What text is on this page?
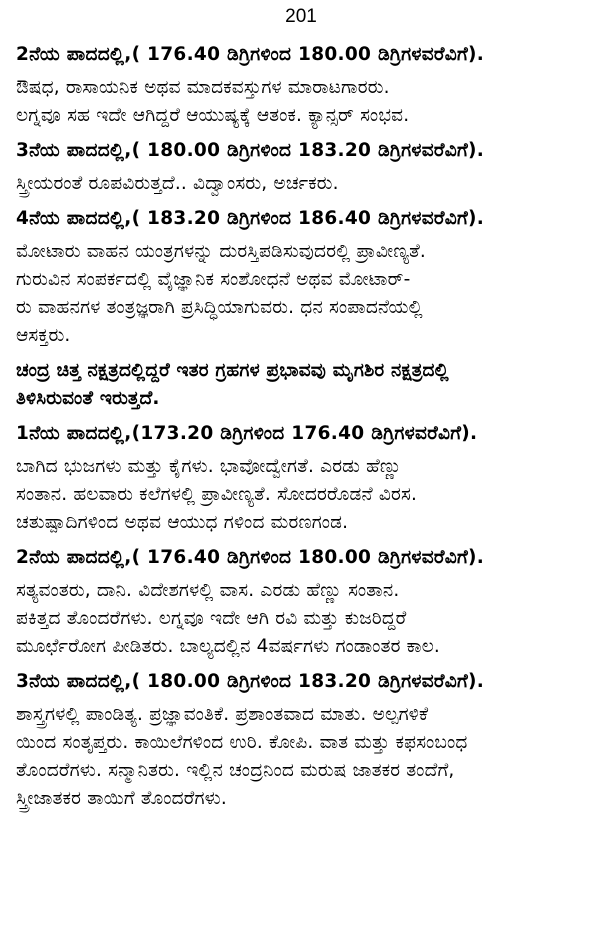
201
2ನೆಯ ಪಾದದಲ್ಲಿ,( 176.40 ಡಿಗ್ರಿಗಳಿಂದ 180.00 ಡಿಗ್ರಿಗಳವರೆವಿಗೆ).
ಔಷಧ, ರಾಸಾಯನಿಕ ಅಥವ ಮಾದಕವಸ್ತುಗಳ ಮಾರಾಟಗಾರರು.
ಲಗ್ನವೂ ಸಹ ಇದೇ ಆಗಿದ್ದರೆ ಆಯುಷ್ಯಕ್ಕೆ ಆತಂಕ. ಕ್ಯಾನ್ಸರ್ ಸಂಭವ.
3ನೆಯ ಪಾದದಲ್ಲಿ,( 180.00 ಡಿಗ್ರಿಗಳಿಂದ 183.20 ಡಿಗ್ರಿಗಳವರೆವಿಗೆ).
ಸ್ತ್ರೀಯರಂತೆ ರೂಪವಿರುತ್ತದೆ.. ವಿದ್ವಾಂಸರು, ಅರ್ಚಕರು.
4ನೆಯ ಪಾದದಲ್ಲಿ,( 183.20 ಡಿಗ್ರಿಗಳಿಂದ 186.40 ಡಿಗ್ರಿಗಳವರೆವಿಗೆ).
ಮೋಟಾರು ವಾಹನ ಯಂತ್ರಗಳನ್ನು ದುರಸ್ತಿಪಡಿಸುವುದರಲ್ಲಿ ಪ್ರಾವೀಣ್ಯತೆ.
ಗುರುವಿನ ಸಂಪರ್ಕದಲ್ಲಿ ವೈಜ್ಞಾನಿಕ ಸಂಶೋಧನೆ ಅಥವ ಮೋಟಾರ್-
ರು ವಾಹನಗಳ ತಂತ್ರಜ್ಞರಾಗಿ ಪ್ರಸಿದ್ಧಿಯಾಗುವರು. ಧನ ಸಂಪಾದನೆಯಲ್ಲಿ
ಆಸಕ್ತರು.
ಚಂದ್ರ ಚಿತ್ತ ನಕ್ಷತ್ರದಲ್ಲಿದ್ದರೆ ಇತರ ಗ್ರಹಗಳ ಪ್ರಭಾವವು ಮೃಗಶಿರ ನಕ್ಷತ್ರದಲ್ಲಿ
ತಿಳಿಸಿರುವಂತೆ ಇರುತ್ತದೆ.
1ನೆಯ ಪಾದದಲ್ಲಿ,(173.20 ಡಿಗ್ರಿಗಳಿಂದ 176.40 ಡಿಗ್ರಿಗಳವರೆವಿಗೆ).
ಬಾಗಿದ ಭುಜಗಳು ಮತ್ತು ಕೈಗಳು. ಭಾವೋದ್ವೇಗತೆ. ಎರಡು ಹೆಣ್ಣು
ಸಂತಾನ. ಹಲವಾರು ಕಲೆಗಳಲ್ಲಿ ಪ್ರಾವೀಣ್ಯತೆ. ಸೋದರರೊಡನೆ ವಿರಸ.
ಚತುಷ್ಪಾದಿಗಳಿಂದ ಅಥವ ಆಯುಧ ಗಳಿಂದ ಮರಣಗಂಡ.
2ನೆಯ ಪಾದದಲ್ಲಿ,( 176.40 ಡಿಗ್ರಿಗಳಿಂದ 180.00 ಡಿಗ್ರಿಗಳವರೆವಿಗೆ).
ಸತ್ಯವಂತರು, ದಾನಿ. ವಿದೇಶಗಳಲ್ಲಿ ವಾಸ. ಎರಡು ಹೆಣ್ಣು ಸಂತಾನ.
ಪಕಿತ್ತದ ತೊಂದರೆಗಳು. ಲಗ್ನವೂ ಇದೇ ಆಗಿ ರವಿ ಮತ್ತು ಕುಜರಿದ್ದರೆ
ಮೂರ್ಛೆರೋಗ ಪೀಡಿತರು. ಬಾಲ್ಯದಲ್ಲಿನ 4ವರ್ಷಗಳು ಗಂಡಾಂತರ ಕಾಲ.
3ನೆಯ ಪಾದದಲ್ಲಿ,( 180.00 ಡಿಗ್ರಿಗಳಿಂದ 183.20 ಡಿಗ್ರಿಗಳವರೆವಿಗೆ).
ಶಾಸ್ತ್ರಗಳಲ್ಲಿ ಪಾಂಡಿತ್ಯ. ಪ್ರಜ್ಞಾವಂತಿಕೆ. ಪ್ರಶಾಂತವಾದ ಮಾತು. ಅಲ್ಪಗಳಿಕೆ
ಯಿಂದ ಸಂತೃಪ್ತರು. ಕಾಯಿಲೆಗಳಿಂದ ಉರಿ. ಕೋಪಿ. ವಾತ ಮತ್ತು ಕಫಸಂಬಂಧ
ತೊಂದರೆಗಳು. ಸನ್ಮಾನಿತರು. ಇಲ್ಲಿನ ಚಂದ್ರನಿಂದ ಮರುಷ ಜಾತಕರ ತಂದೆಗೆ,
ಸ್ತ್ರೀಜಾತಕರ ತಾಯಿಗೆ ತೊಂದರೆಗಳು.
